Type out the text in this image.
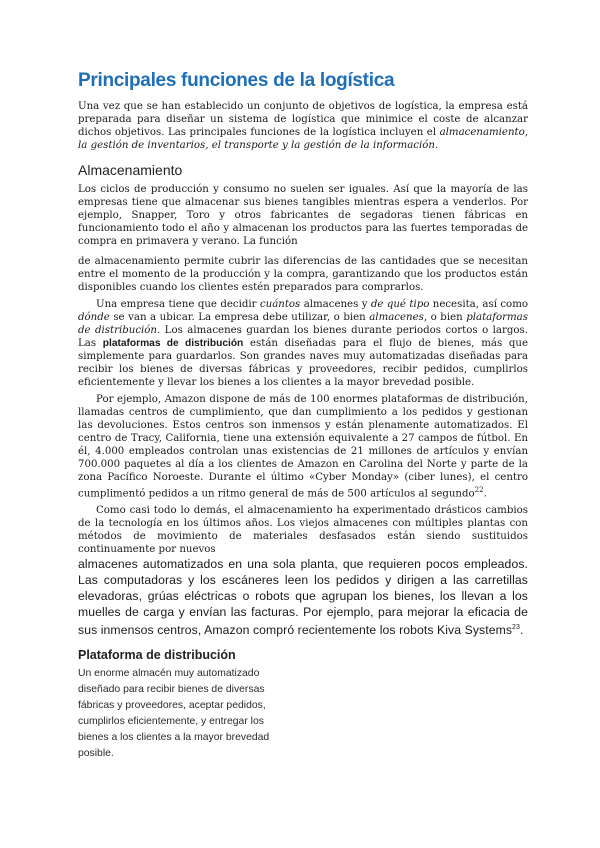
Principales funciones de la logística

Una vez que se han establecido un conjunto de objetivos de logística, la empresa está preparada para diseñar un sistema de logística que minimice el coste de alcanzar dichos objetivos. Las principales funciones de la logística incluyen el almacenamiento, la gestión de inventarios, el transporte y la gestión de la información.

Almacenamiento

Los ciclos de producción y consumo no suelen ser iguales. Así que la mayoría de las empresas tiene que almacenar sus bienes tangibles mientras espera a venderlos. Por ejemplo, Snapper, Toro y otros fabricantes de segadoras tienen fábricas en funcionamiento todo el año y almacenan los productos para las fuertes temporadas de compra en primavera y verano. La función

de almacenamiento permite cubrir las diferencias de las cantidades que se necesitan entre el momento de la producción y la compra, garantizando que los productos están disponibles cuando los clientes estén preparados para comprarlos.

Una empresa tiene que decidir cuántos almacenes y de qué tipo necesita, así como dónde se van a ubicar. La empresa debe utilizar, o bien almacenes, o bien plataformas de distribución. Los almacenes guardan los bienes durante periodos cortos o largos. Las plataformas de distribución están diseñadas para el flujo de bienes, más que simplemente para guardarlos. Son grandes naves muy automatizadas diseñadas para recibir los bienes de diversas fábricas y proveedores, recibir pedidos, cumplirlos eficientemente y llevar los bienes a los clientes a la mayor brevedad posible.

Por ejemplo, Amazon dispone de más de 100 enormes plataformas de distribución, llamadas centros de cumplimiento, que dan cumplimiento a los pedidos y gestionan las devoluciones. Estos centros son inmensos y están plenamente automatizados. El centro de Tracy, California, tiene una extensión equivalente a 27 campos de fútbol. En él, 4.000 empleados controlan unas existencias de 21 millones de artículos y envían 700.000 paquetes al día a los clientes de Amazon en Carolina del Norte y parte de la zona Pacífico Noroeste. Durante el último «Cyber Monday» (ciber lunes), el centro cumplimentó pedidos a un ritmo general de más de 500 artículos al segundo$^{22}$.

Como casi todo lo demás, el almacenamiento ha experimentado drásticos cambios de la tecnología en los últimos años. Los viejos almacenes con múltiples plantas con métodos de movimiento de materiales desfasados están siendo sustituidos continuamente por nuevos

almacenes automatizados en una sola planta, que requieren pocos empleados. Las computadoras y los escáneres leen los pedidos y dirigen a las carretillas elevadoras, grúas eléctricas o robots que agrupan los bienes, los llevan a los muelles de carga y envían las facturas. Por ejemplo, para mejorar la eficacia de sus inmensos centros, Amazon compró recientemente los robots Kiva Systems$^{23}$.

Plataforma de distribución

Un enorme almacén muy automatizado diseñado para recibir bienes de diversas fábricas y proveedores, aceptar pedidos, cumplirlos eficientemente, y entregar los bienes a los clientes a la mayor brevedad posible.
